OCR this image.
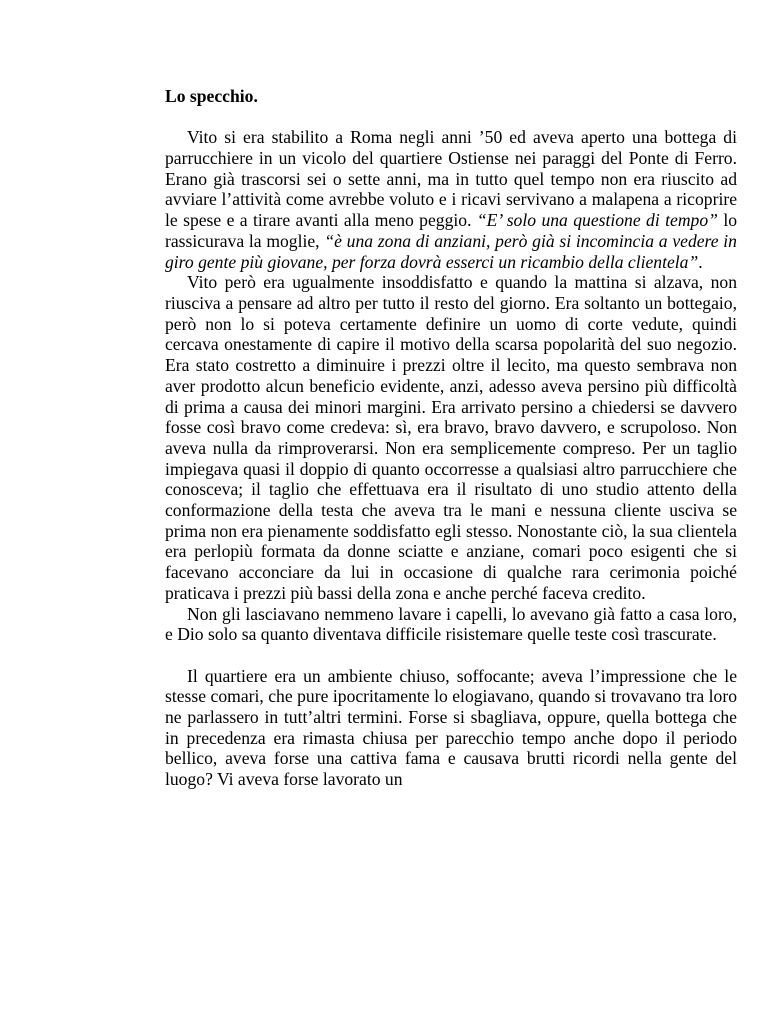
Lo specchio.

Vito si era stabilito a Roma negli anni ’50 ed aveva aperto una bottega di parrucchiere in un vicolo del quartiere Ostiense nei paraggi del Ponte di Ferro. Erano già trascorsi sei o sette anni, ma in tutto quel tempo non era riuscito ad avviare l’attività come avrebbe voluto e i ricavi servivano a malapena a ricoprire le spese e a tirare avanti alla meno peggio. “E’ solo una questione di tempo” lo rassicurava la moglie, “è una zona di anziani, però già si incomincia a vedere in giro gente più giovane, per forza dovrà esserci un ricambio della clientela”.

Vito però era ugualmente insoddisfatto e quando la mattina si alzava, non riusciva a pensare ad altro per tutto il resto del giorno. Era soltanto un bottegaio, però non lo si poteva certamente definire un uomo di corte vedute, quindi cercava onestamente di capire il motivo della scarsa popolarità del suo negozio. Era stato costretto a diminuire i prezzi oltre il lecito, ma questo sembrava non aver prodotto alcun beneficio evidente, anzi, adesso aveva persino più difficoltà di prima a causa dei minori margini. Era arrivato persino a chiedersi se davvero fosse così bravo come credeva: sì, era bravo, bravo davvero, e scrupoloso. Non aveva nulla da rimproverarsi. Non era semplicemente compreso. Per un taglio impiegava quasi il doppio di quanto occorresse a qualsiasi altro parrucchiere che conosceva; il taglio che effettuava era il risultato di uno studio attento della conformazione della testa che aveva tra le mani e nessuna cliente usciva se prima non era pienamente soddisfatto egli stesso. Nonostante ciò, la sua clientela era perlopiù formata da donne sciatte e anziane, comari poco esigenti che si facevano acconciare da lui in occasione di qualche rara cerimonia poiché praticava i prezzi più bassi della zona e anche perché faceva credito.

Non gli lasciavano nemmeno lavare i capelli, lo avevano già fatto a casa loro, e Dio solo sa quanto diventava difficile risistemare quelle teste così trascurate.

Il quartiere era un ambiente chiuso, soffocante; aveva l’impressione che le stesse comari, che pure ipocritamente lo elogiavano, quando si trovavano tra loro ne parlassero in tutt’altri termini. Forse si sbagliava, oppure, quella bottega che in precedenza era rimasta chiusa per parecchio tempo anche dopo il periodo bellico, aveva forse una cattiva fama e causava brutti ricordi nella gente del luogo? Vi aveva forse lavorato un
